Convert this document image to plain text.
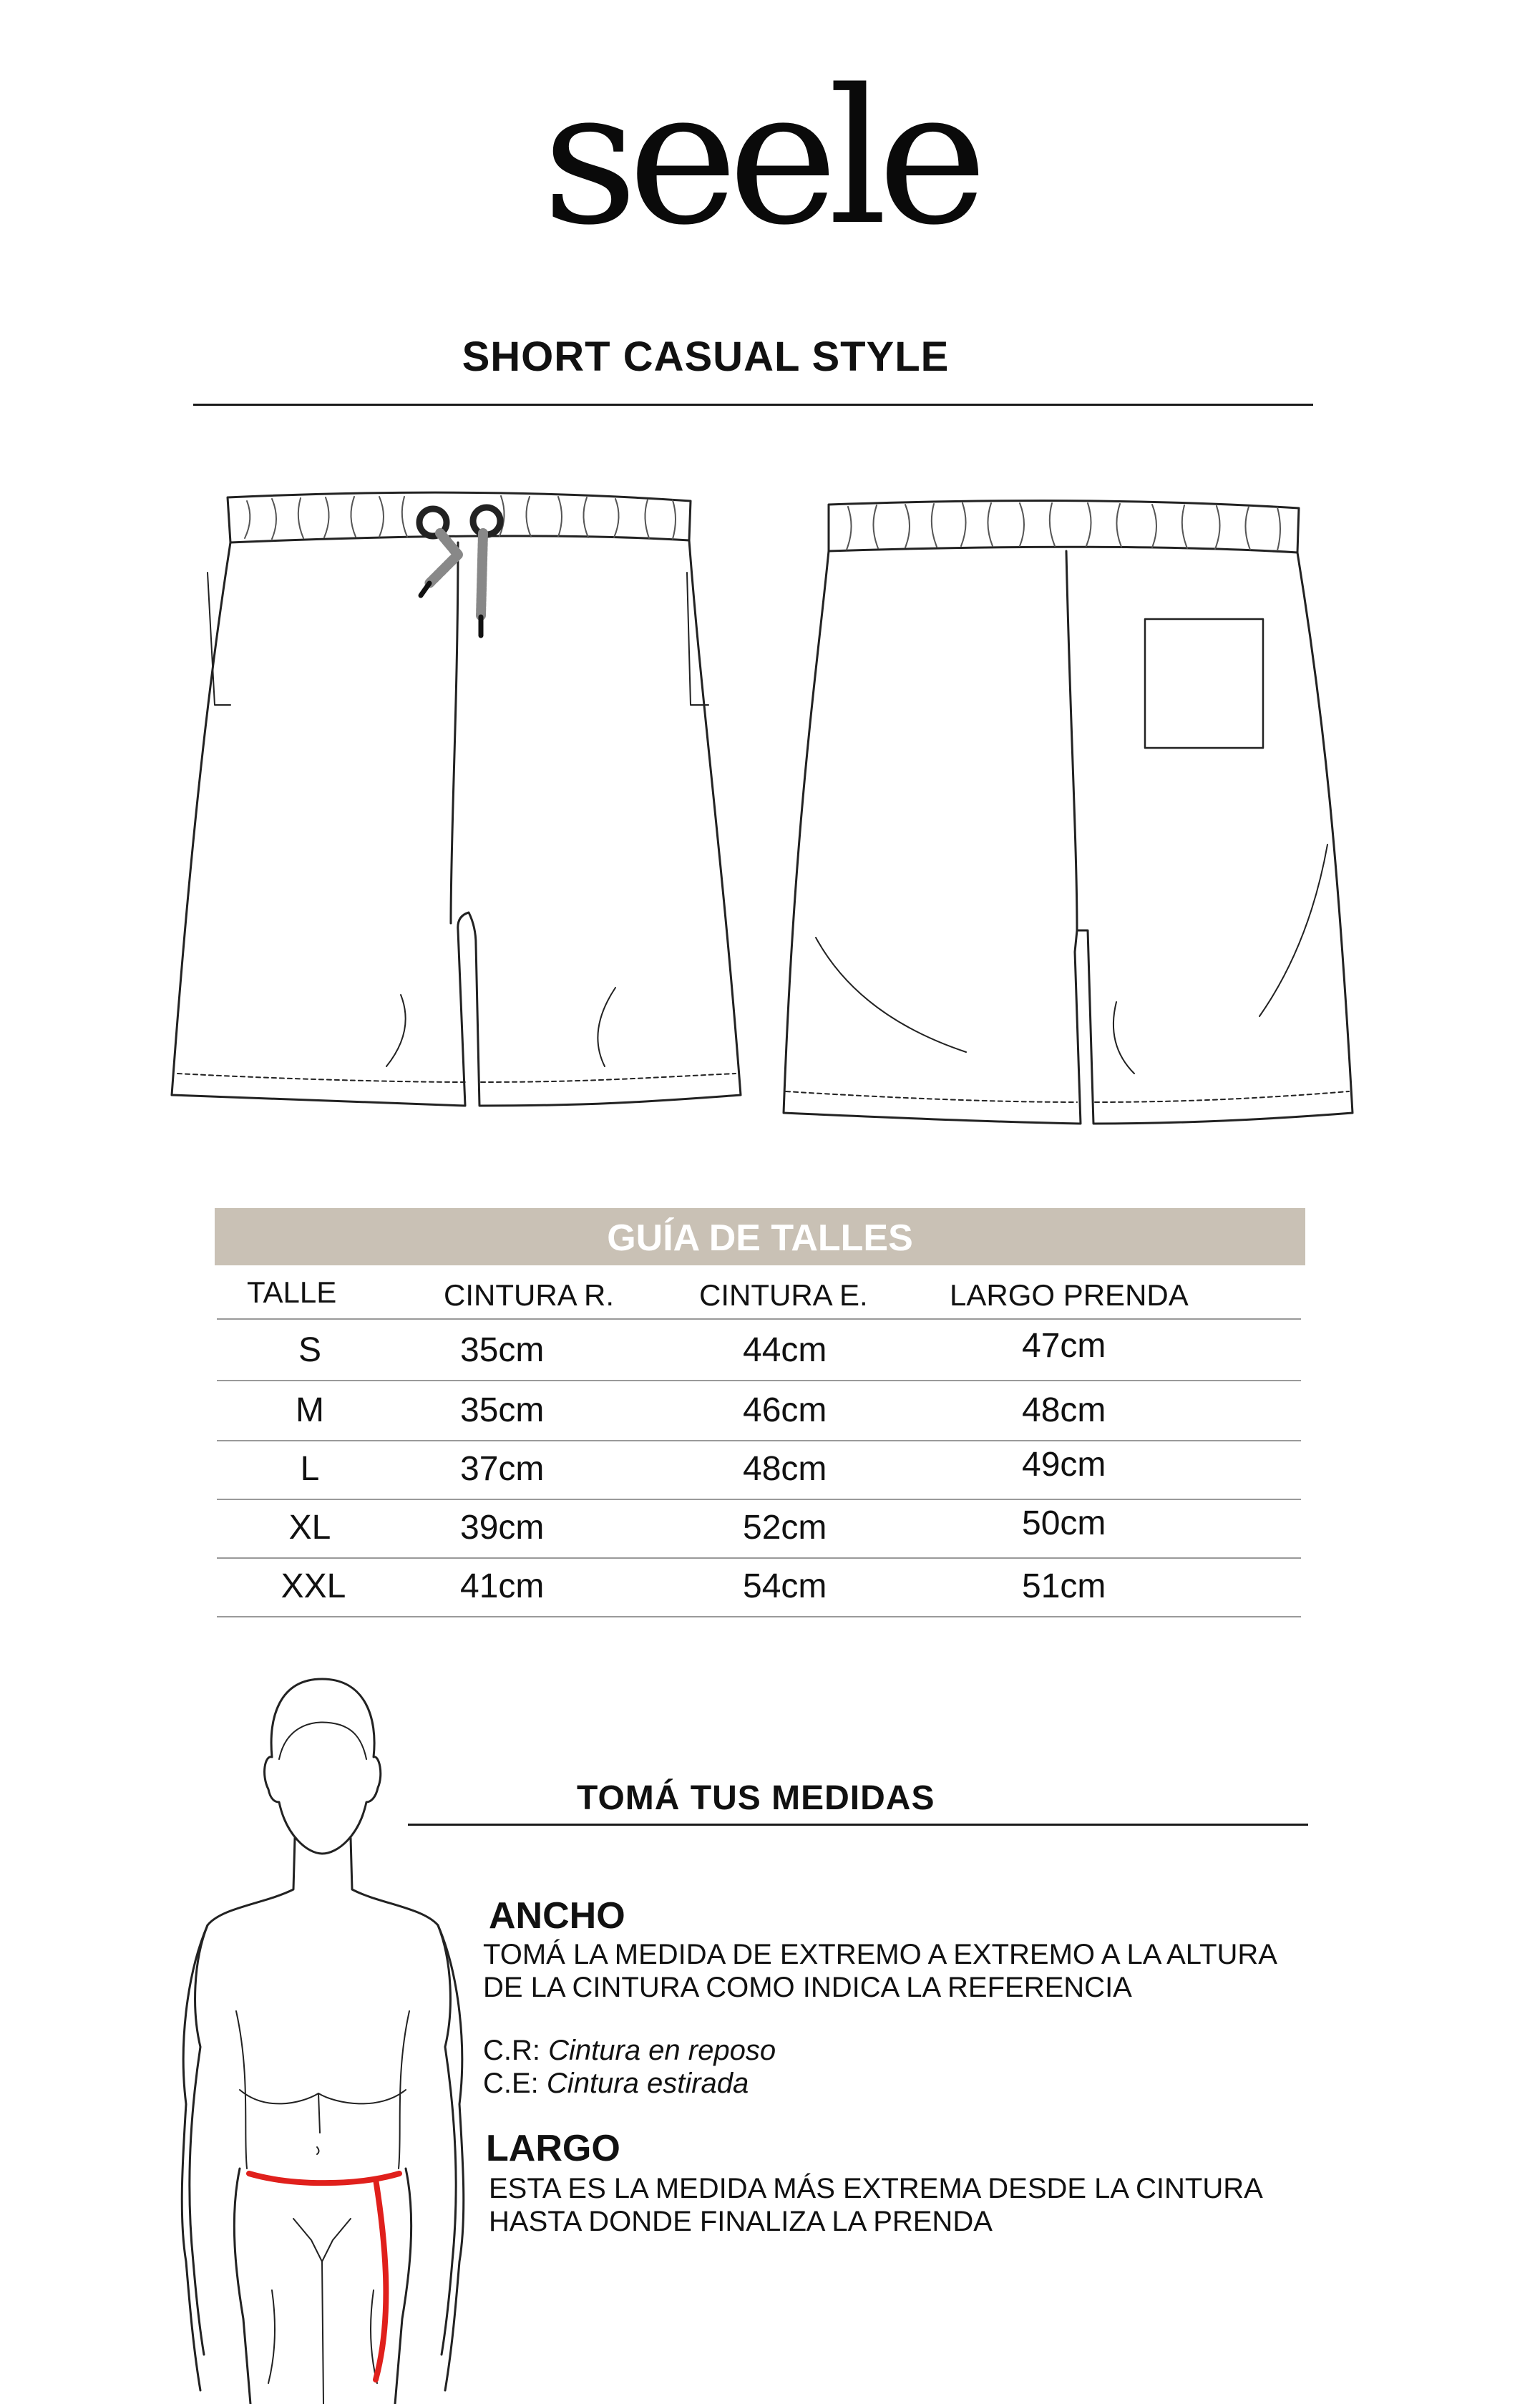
seele
SHORT CASUAL STYLE
GUÍA DE TALLES
TALLE	CINTURA R.	CINTURA E.	LARGO PRENDA
S	35cm	44cm	47cm
M	35cm	46cm	48cm
L	37cm	48cm	49cm
XL	39cm	52cm	50cm
XXL	41cm	54cm	51cm
TOMÁ TUS MEDIDAS
ANCHO
TOMÁ LA MEDIDA DE EXTREMO A EXTREMO A LA ALTURA
DE LA CINTURA COMO INDICA LA REFERENCIA
C.R: Cintura en reposo
C.E: Cintura estirada
LARGO
ESTA ES LA MEDIDA MÁS EXTREMA DESDE LA CINTURA
HASTA DONDE FINALIZA LA PRENDA
